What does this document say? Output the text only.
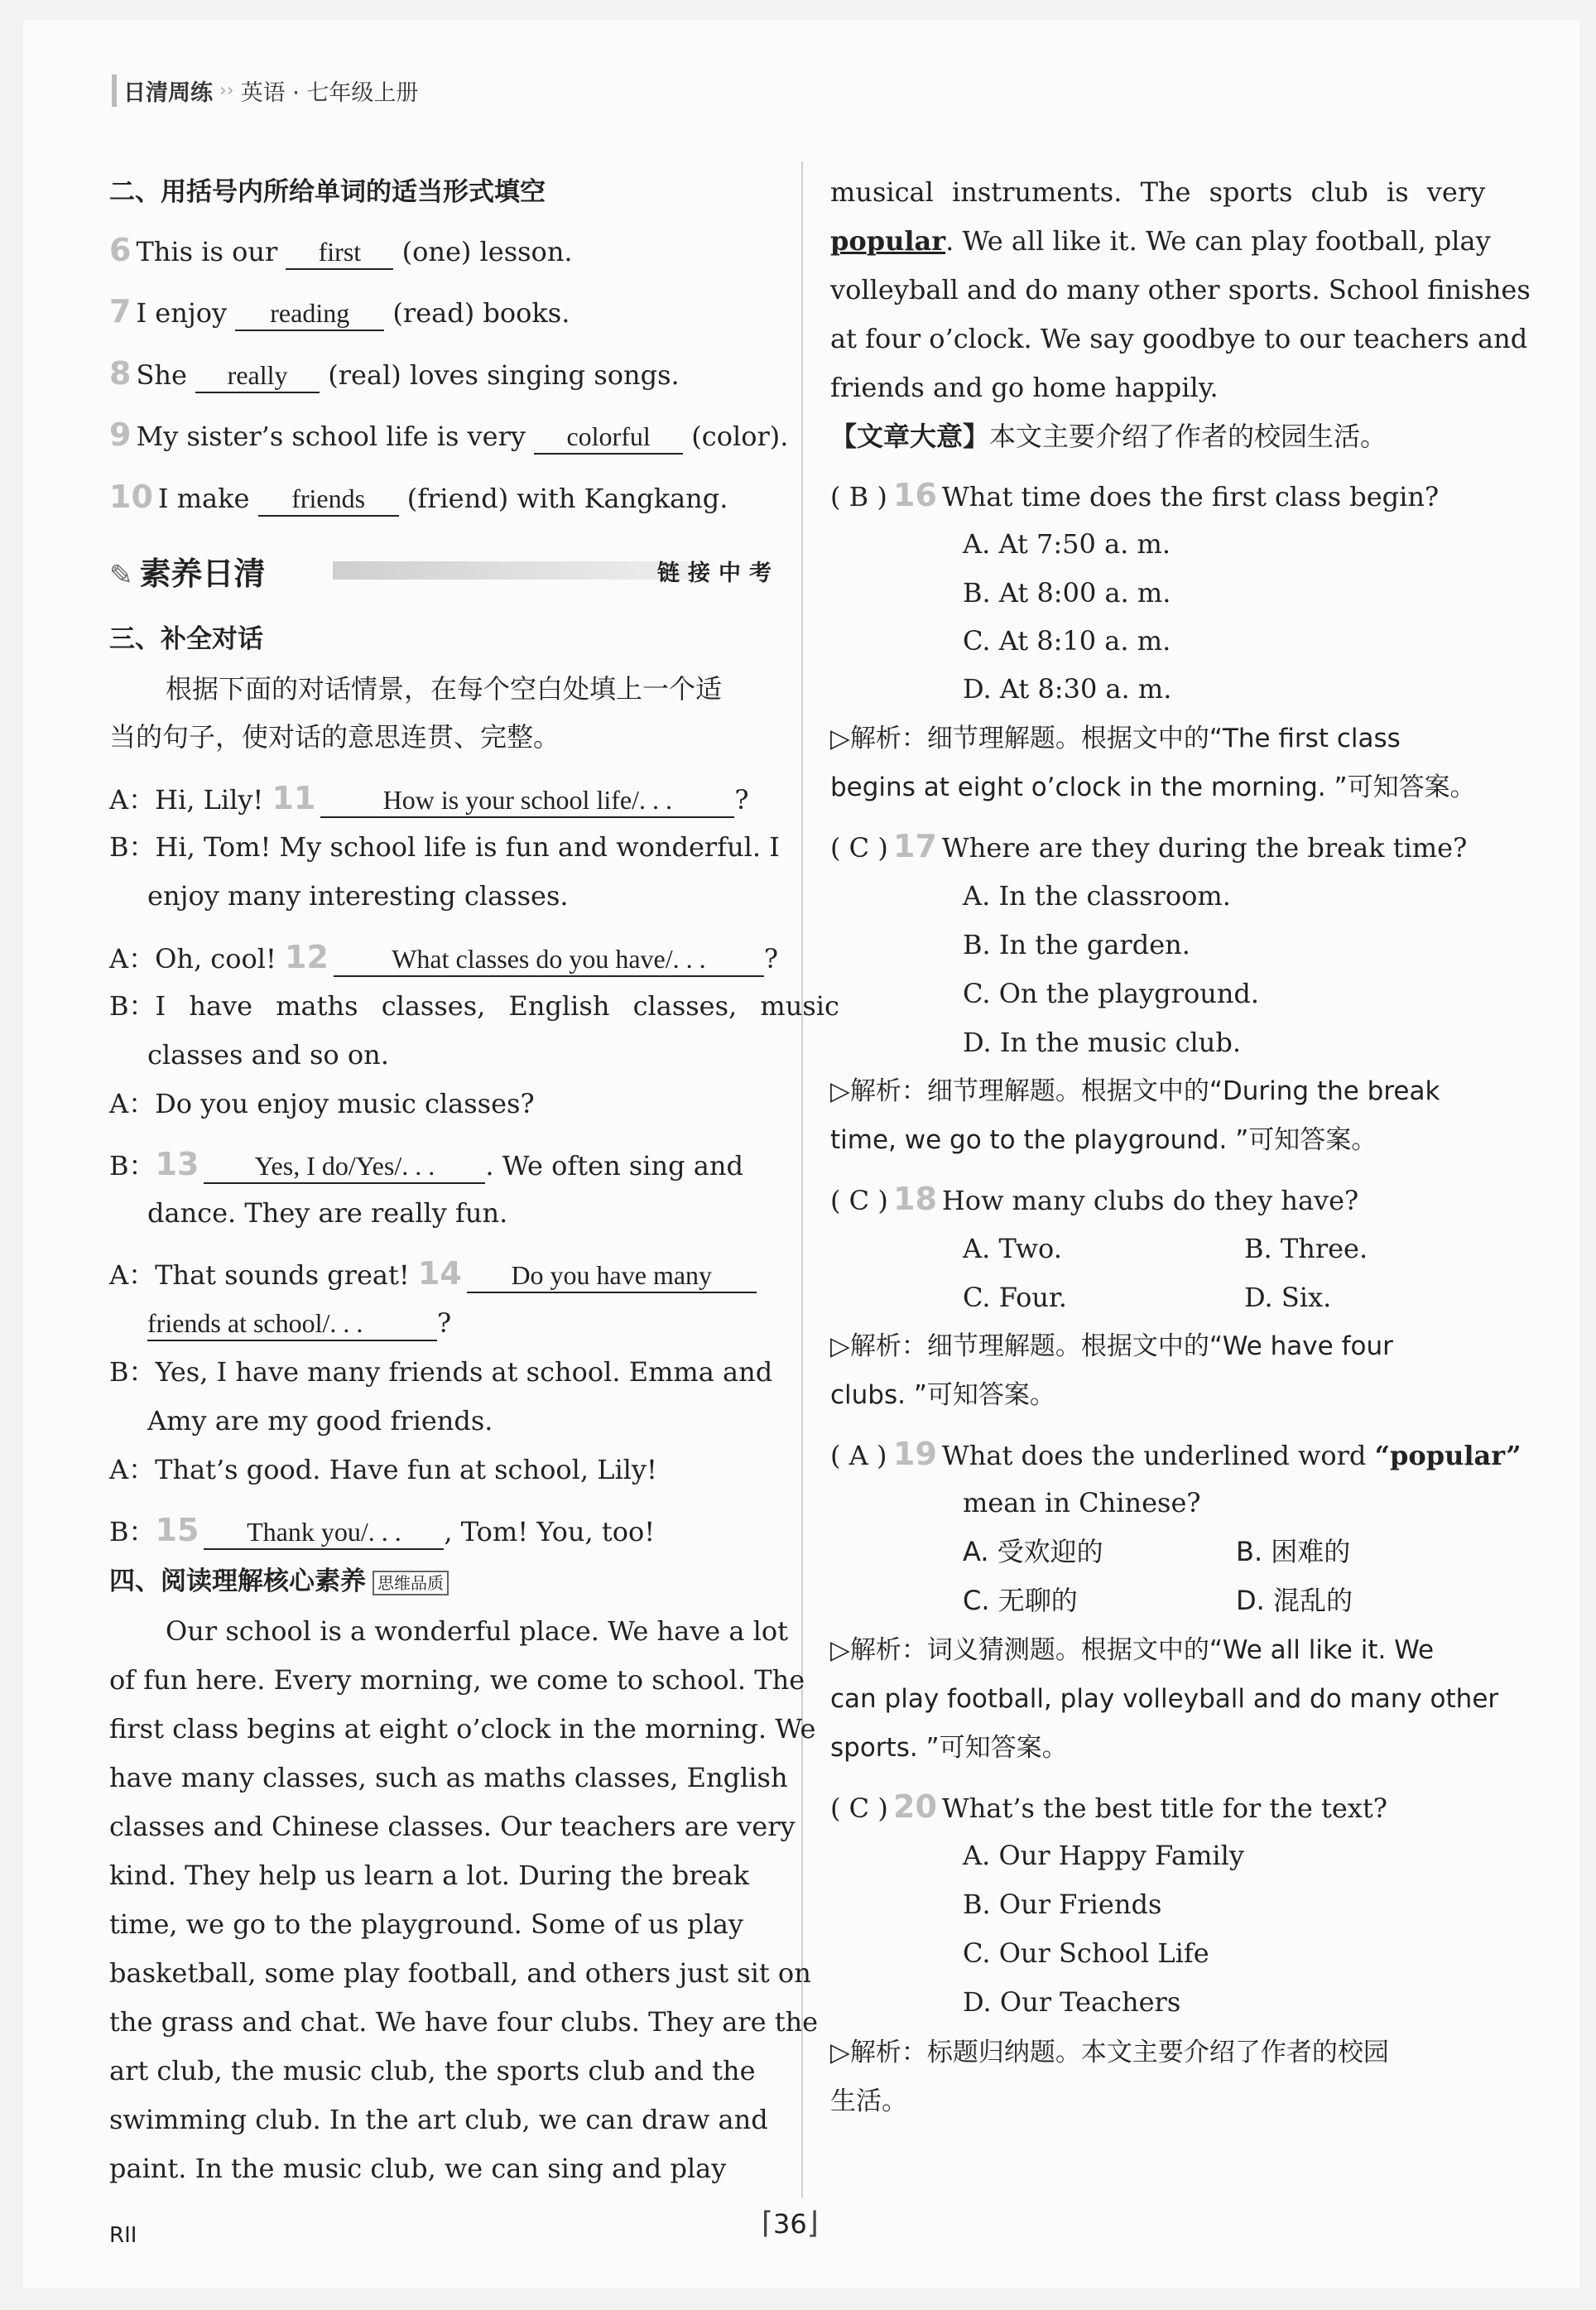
日清周练 ›› 英语 · 七年级上册
二、用括号内所给单词的适当形式填空
6 This is our first (one) lesson.
7 I enjoy reading (read) books.
8 She really (real) loves singing songs.
9 My sister’s school life is very colorful (color).
10 I make friends (friend) with Kangkang.
✎ 素养日清	链接中考
三、补全对话
根据下面的对话情景，在每个空白处填上一个适
当的句子，使对话的意思连贯、完整。
A：Hi, Lily! 11	How is your school life/. . . ?
B：Hi, Tom! My school life is fun and wonderful. I
enjoy many interesting classes.
A：Oh, cool! 12 What classes do you have/. . . ?
B：I have maths classes, English classes, music
classes and so on.
A：Do you enjoy music classes?
B：13 Yes, I do/Yes/. . . . We often sing and
dance. They are really fun.
A：That sounds great! 14 Do you have many
friends at school/. . .	?
B：Yes, I have many friends at school. Emma and
Amy are my good friends.
A：That’s good. Have fun at school, Lily!
B：15 Thank you/. . . , Tom! You, too!
四、阅读理解核心素养 思维品质
Our school is a wonderful place. We have a lot
of fun here. Every morning, we come to school. The
first class begins at eight o’clock in the morning. We
have many classes, such as maths classes, English
classes and Chinese classes. Our teachers are very
kind. They help us learn a lot. During the break
time, we go to the playground. Some of us play
basketball, some play football, and others just sit on
the grass and chat. We have four clubs. They are the
art club, the music club, the sports club and the
swimming club. In the art club, we can draw and
paint. In the music club, we can sing and play
musical instruments. The sports club is very
popular. We all like it. We can play football, play
volleyball and do many other sports. School finishes
at four o’clock. We say goodbye to our teachers and
friends and go home happily.
【文章大意】本文主要介绍了作者的校园生活。
( B ) 16 What time does the first class begin?
A. At 7:50 a. m.
B. At 8:00 a. m.
C. At 8:10 a. m.
D. At 8:30 a. m.
▷解析：细节理解题。根据文中的“The first class
begins at eight o’clock in the morning. ”可知答案。
( C ) 17 Where are they during the break time?
A. In the classroom.
B. In the garden.
C. On the playground.
D. In the music club.
▷解析：细节理解题。根据文中的“During the break
time, we go to the playground. ”可知答案。
( C ) 18 How many clubs do they have?
A. Two.	B. Three.
C. Four.	D. Six.
▷解析：细节理解题。根据文中的“We have four
clubs. ”可知答案。
( A ) 19 What does the underlined word “popular”
mean in Chinese?
A. 受欢迎的	B. 困难的
C. 无聊的	D. 混乱的
▷解析：词义猜测题。根据文中的“We all like it. We
can play football, play volleyball and do many other
sports. ”可知答案。
( C ) 20 What’s the best title for the text?
A. Our Happy Family
B. Our Friends
C. Our School Life
D. Our Teachers
▷解析：标题归纳题。本文主要介绍了作者的校园
生活。
RII	⌈36⌋
